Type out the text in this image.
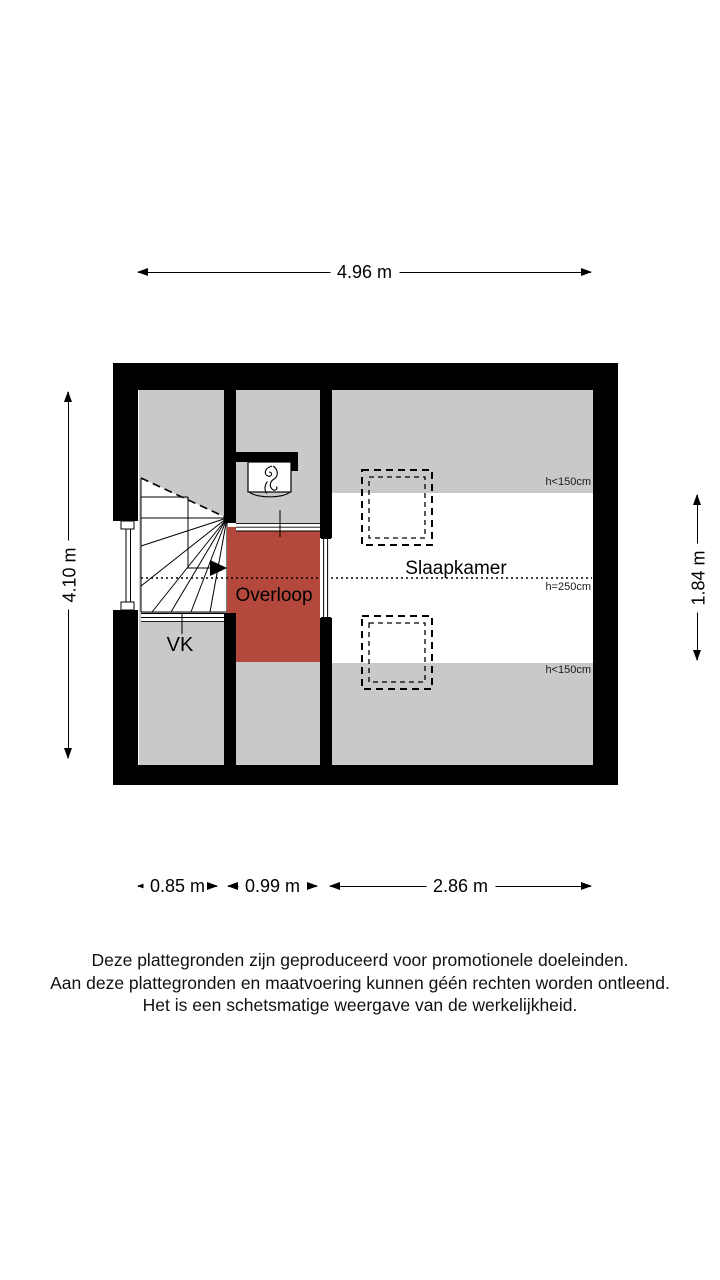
Overloop
VK
Slaapkamer
h<150cm
h=250cm
h<150cm
4.96 m
4.10 m	1.84 m
0.85 m	0.99 m	2.86 m
Deze plattegronden zijn geproduceerd voor promotionele doeleinden.
Aan deze plattegronden en maatvoering kunnen géén rechten worden ontleend.
Het is een schetsmatige weergave van de werkelijkheid.
